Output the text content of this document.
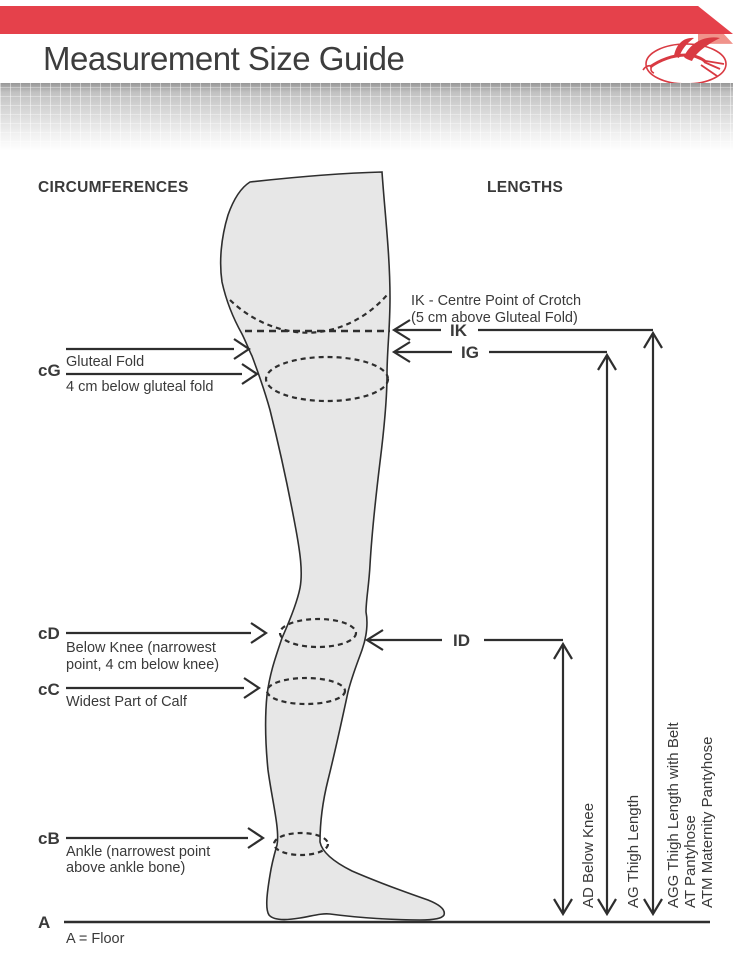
Measurement Size Guide
CIRCUMFERENCES	LENGTHS
cG Gluteal Fold
4 cm below gluteal fold
cD
Below Knee (narrowest
point, 4 cm below knee)
cC
Widest Part of Calf
cB
Ankle (narrowest point
above ankle bone)
A
A = Floor
IK - Centre Point of Crotch
(5 cm above Gluteal Fold)
IK
IG
ID
AD Below Knee AG Thigh Length AGG Thigh Length with Belt AT Pantyhose ATM Maternity Pantyhose
